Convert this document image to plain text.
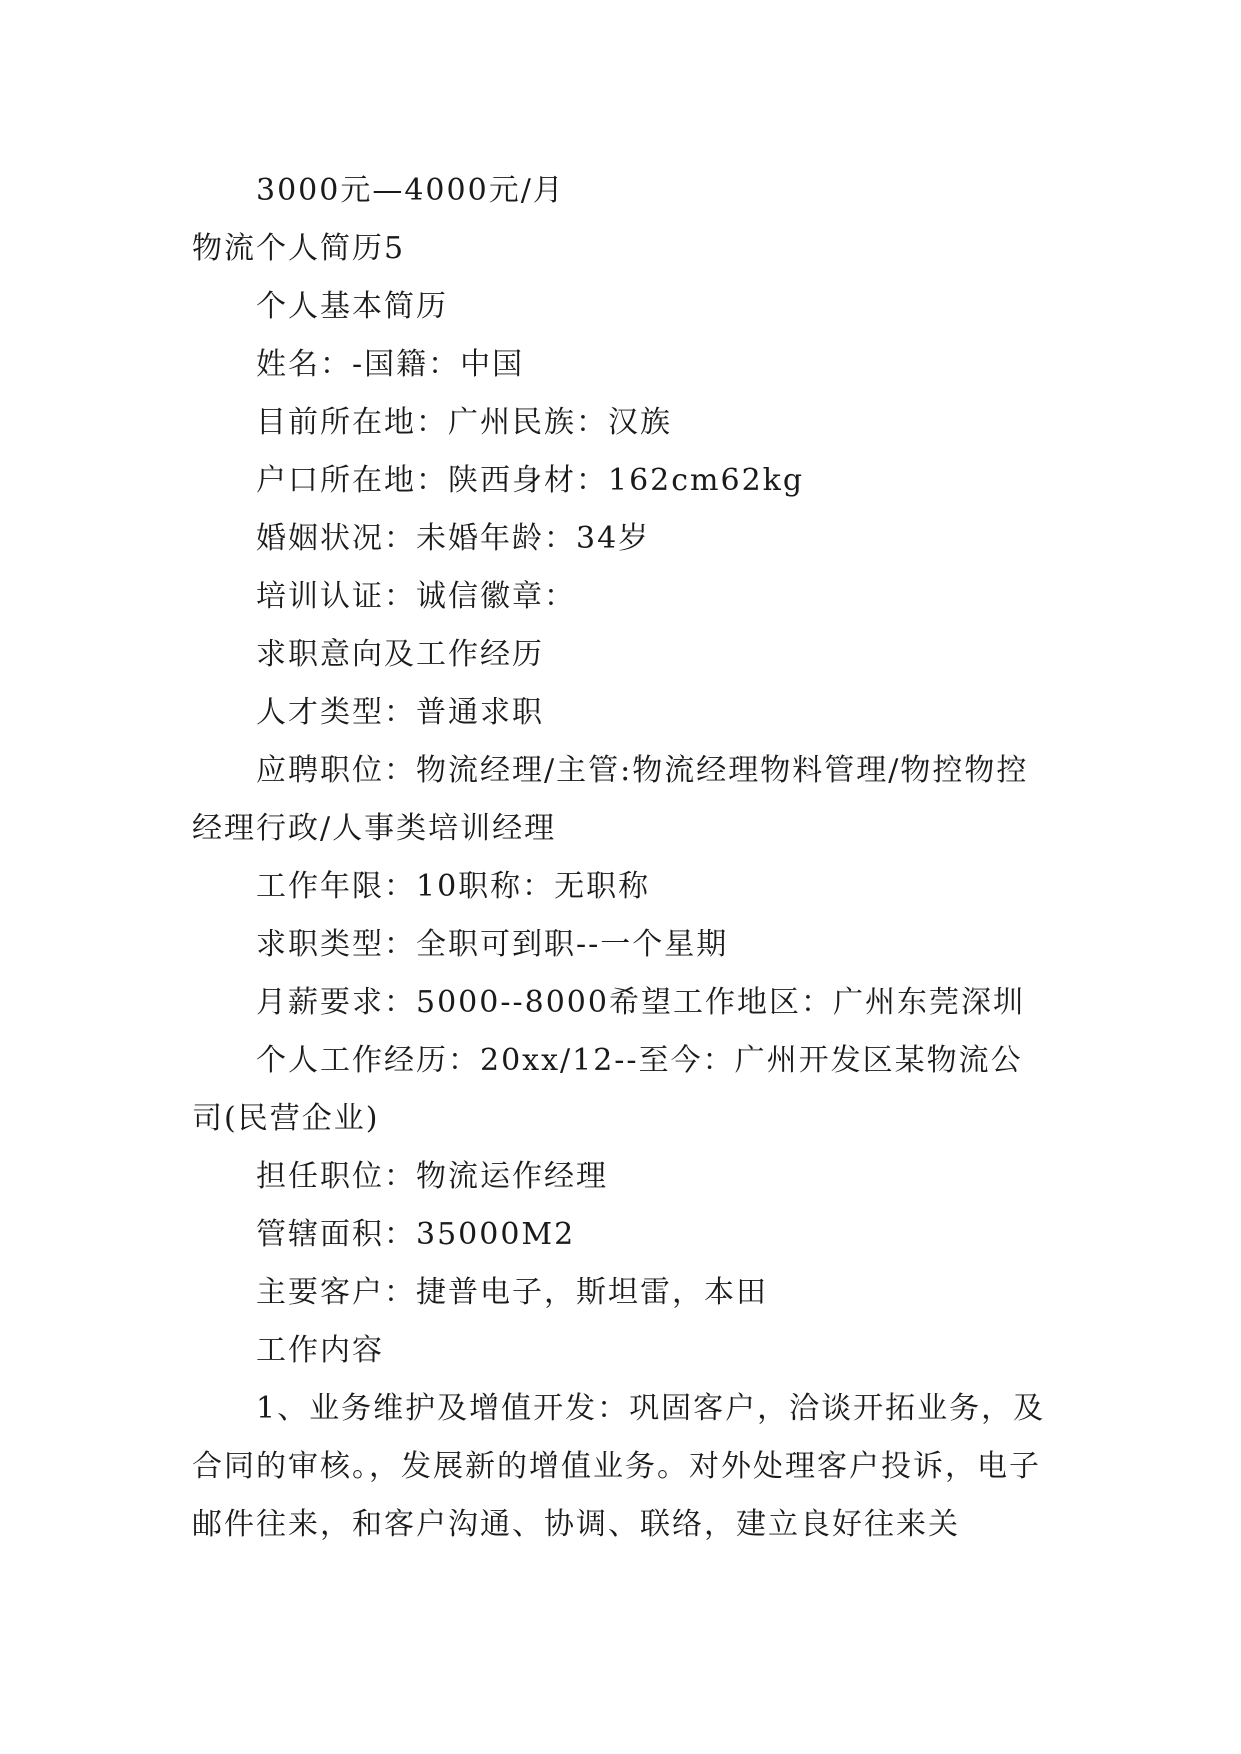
3000元—4000元/月
物流个人简历5
个人基本简历
姓名：-国籍：中国
目前所在地：广州民族：汉族
户口所在地：陕西身材：162cm62kg
婚姻状况：未婚年龄：34岁
培训认证：诚信徽章：
求职意向及工作经历
人才类型：普通求职
应聘职位：物流经理/主管:物流经理物料管理/物控物控经理行政/人事类培训经理
工作年限：10职称：无职称
求职类型：全职可到职--一个星期
月薪要求：5000--8000希望工作地区：广州东莞深圳
个人工作经历：20xx/12--至今：广州开发区某物流公司(民营企业)
担任职位：物流运作经理
管辖面积：35000M2
主要客户：捷普电子，斯坦雷，本田
工作内容
1、业务维护及增值开发：巩固客户，洽谈开拓业务，及合同的审核。，发展新的增值业务。对外处理客户投诉，电子邮件往来，和客户沟通、协调、联络，建立良好往来关
